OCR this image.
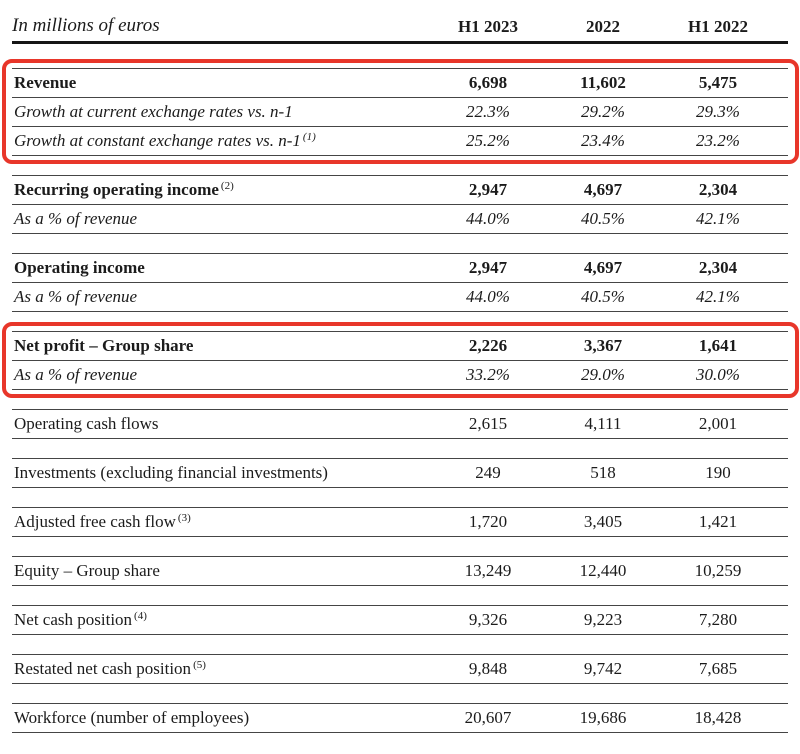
In millions of euros	H1 2023	2022	H1 2022
Revenue	6,698	11,602	5,475
Growth at current exchange rates vs. n-1	22.3%	29.2%	29.3%
Growth at constant exchange rates vs. n-1 $^{(1)}$	25.2%	23.4%	23.2%
Recurring operating income $^{(2)}$	2,947	4,697	2,304
As a % of revenue	44.0%	40.5%	42.1%
Operating income	2,947	4,697	2,304
As a % of revenue	44.0%	40.5%	42.1%
Net profit – Group share	2,226	3,367	1,641
As a % of revenue	33.2%	29.0%	30.0%
Operating cash flows	2,615	4,111	2,001
Investments (excluding financial investments)	249	518	190
Adjusted free cash flow $^{(3)}$	1,720	3,405	1,421
Equity – Group share	13,249	12,440	10,259
Net cash position $^{(4)}$	9,326	9,223	7,280
Restated net cash position $^{(5)}$	9,848	9,742	7,685
Workforce (number of employees)	20,607	19,686	18,428
